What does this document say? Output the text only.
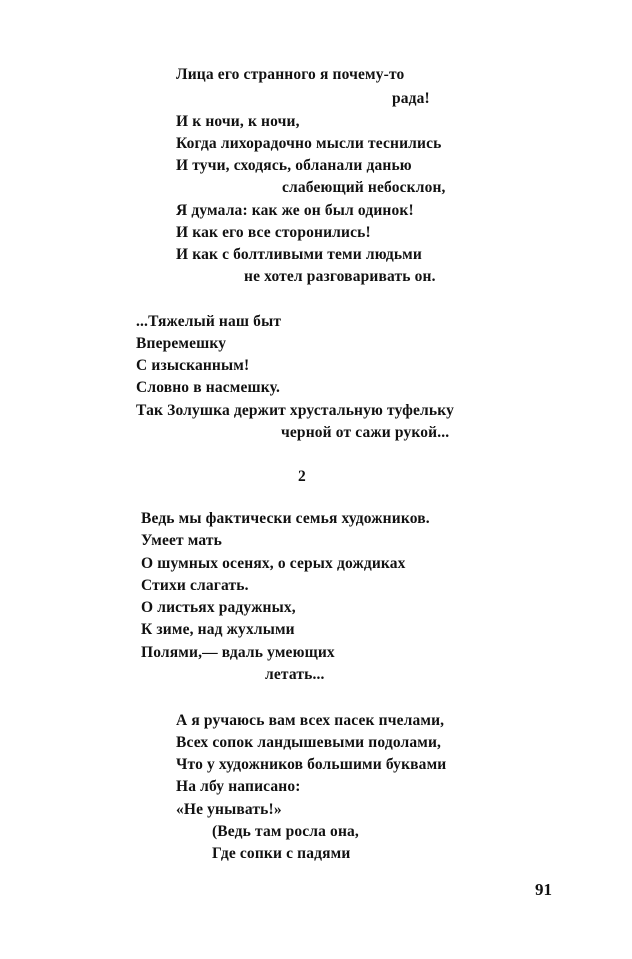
Лица его странного я почему-то
рада!
И к ночи, к ночи,
Когда лихорадочно мысли теснились
И тучи, сходясь, обланали данью
слабеющий небосклон,
Я думала: как же он был одинок!
И как его все сторонились!
И как с болтливыми теми людьми
не хотел разговаривать он.
...Тяжелый наш быт
Вперемешку
С изысканным!
Словно в насмешку.
Так Золушка держит хрустальную туфельку
черной от сажи рукой...
2
Ведь мы фактически семья художников.
Умеет мать
О шумных осенях, о серых дождиках
Стихи слагать.
О листьях радужных,
К зиме, над жухлыми
Полями,— вдаль умеющих
летать...
А я ручаюсь вам всех пасек пчелами,
Всех сопок ландышевыми подолами,
Что у художников большими буквами
На лбу написано:
«Не унывать!»
(Ведь там росла она,
Где сопки с падями
91
